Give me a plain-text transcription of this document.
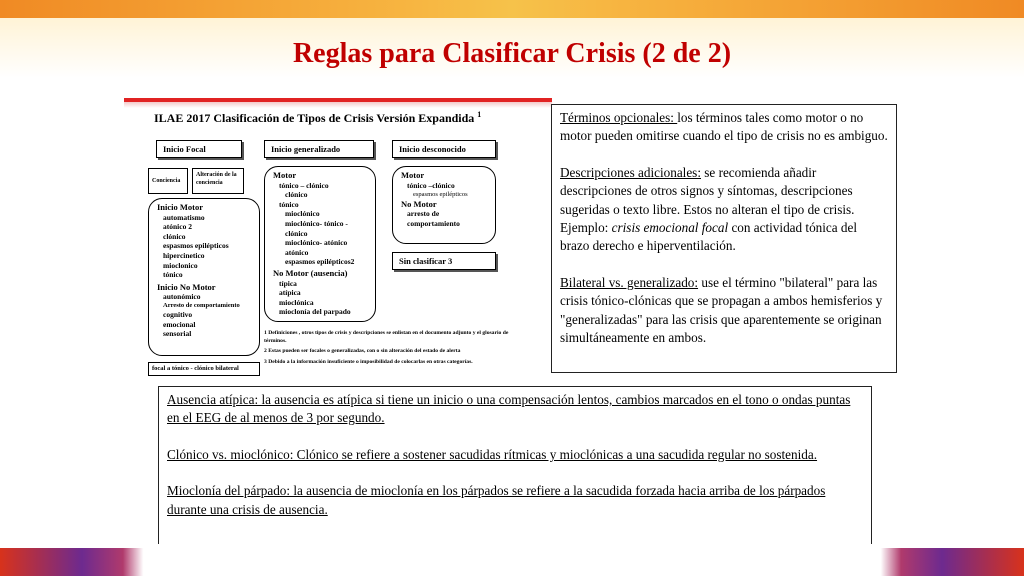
Reglas para Clasificar Crisis (2 de 2)
ILAE 2017 Clasificación de Tipos de Crisis Versión Expandida $^1$
Inicio Focal	Inicio generalizado	Inicio desconocido
Conciencia
Alteración de la conciencia
Inicio Motor
automatismo
atónico 2
clónico
espasmos epilépticos
hipercinetico
mioclonico
tónico
Inicio No Motor
autonómico
Arresto de comportamiento
cognitivo
emocional
sensorial
focal a tónico - clónico bilateral
Motor
tónico – clónico
clónico
tónico
mioclónico
mioclónico- tónico -clónico
mioclónico- atónico
atónico
espasmos epilépticos2
No Motor (ausencia)
típica
atípica
mioclónica
mioclonía del parpado
Motor
tónico –clónico
espasmos epilépticos
No Motor
arresto de comportamiento
Sin clasificar 3
1 Definiciones , otros tipos de crisis y descripciones se enlistan en el documento adjunto y el glosario de términos.
2 Estas pueden ser focales o generalizadas, con o sin alteración del estado de alerta
3 Debido a la información insuficiente o imposibilidad de colocarlas en otras categorías.

Términos opcionales: los términos tales como motor o no motor pueden omitirse cuando el tipo de crisis no es ambiguo.

Descripciones adicionales: se recomienda añadir descripciones de otros signos y síntomas, descripciones sugeridas o texto libre. Estos no alteran el tipo de crisis. Ejemplo: crisis emocional focal con actividad tónica del brazo derecho e hiperventilación.

Bilateral vs. generalizado: use el término "bilateral" para las crisis tónico-clónicas que se propagan a ambos hemisferios y "generalizadas" para las crisis que aparentemente se originan simultáneamente en ambos.

Ausencia atípica: la ausencia es atípica si tiene un inicio o una compensación lentos, cambios marcados en el tono o ondas puntas en el EEG de al menos de 3 por segundo.

Clónico vs. mioclónico: Clónico se refiere a sostener sacudidas rítmicas y mioclónicas a una sacudida regular no sostenida.

Mioclonía del párpado: la ausencia de mioclonía en los párpados se refiere a la sacudida forzada hacia arriba de los párpados durante una crisis de ausencia.
